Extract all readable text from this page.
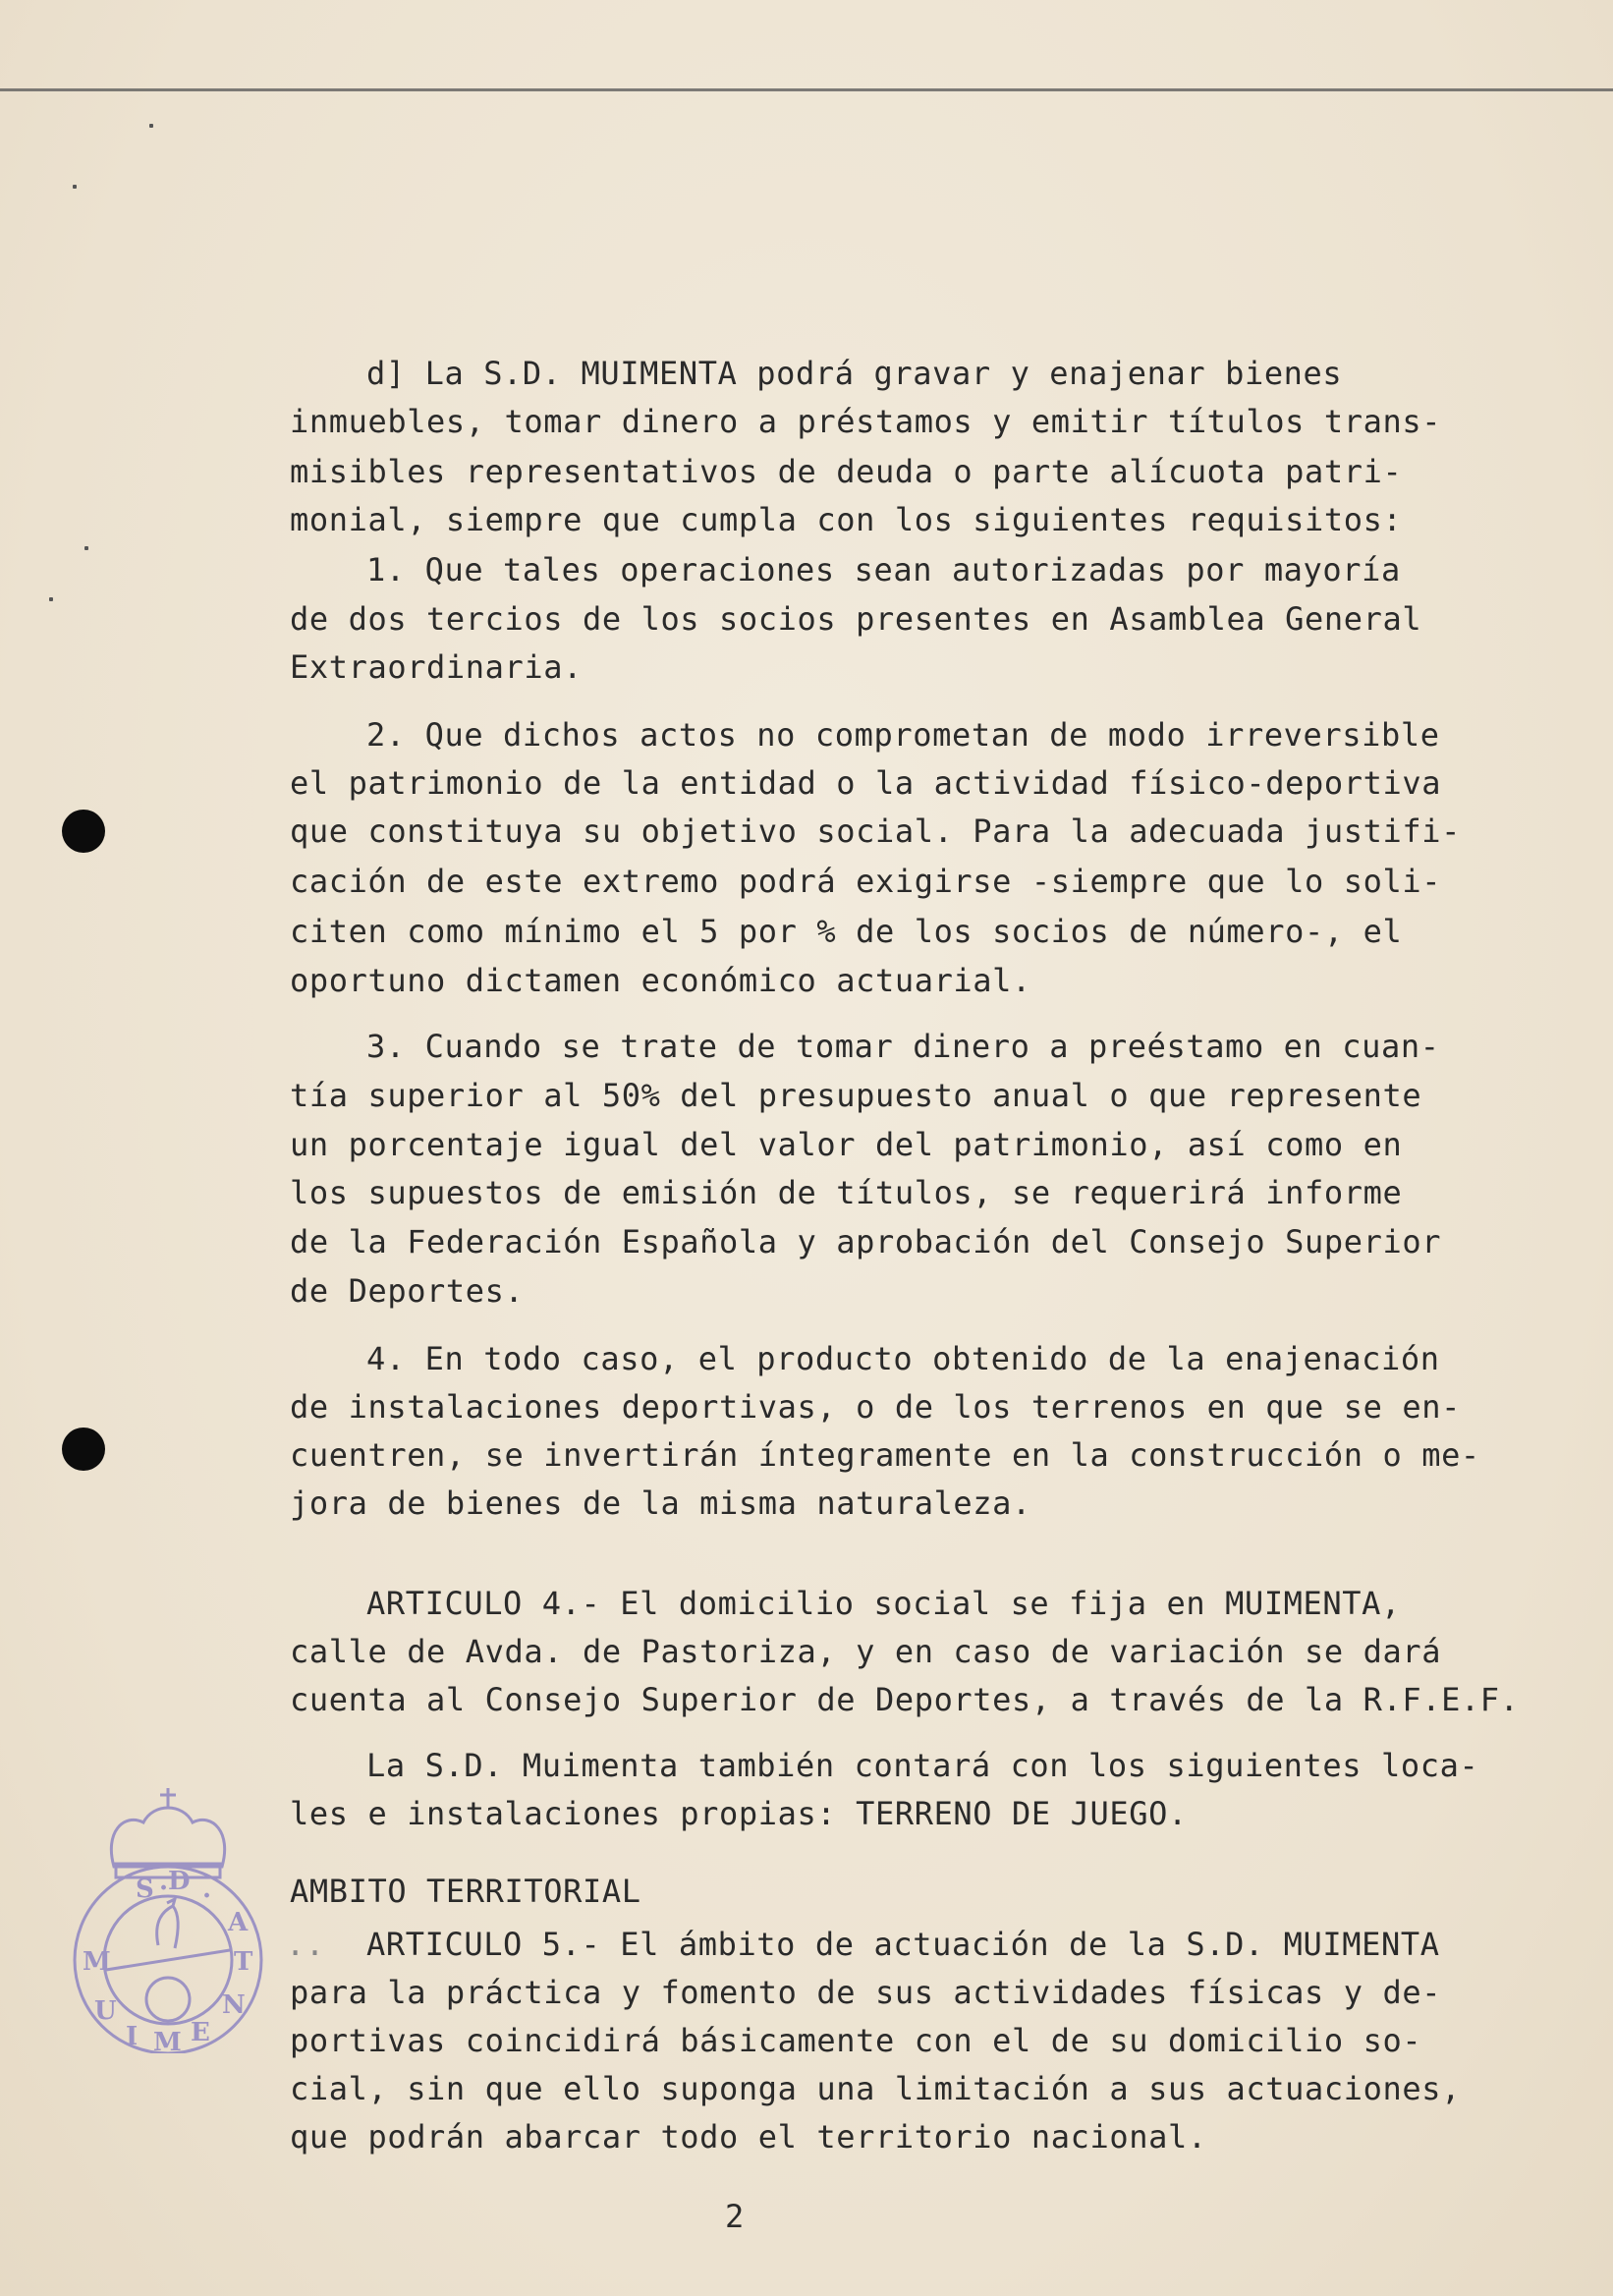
d] La S.D. MUIMENTA podrá gravar y enajenar bienes
inmuebles, tomar dinero a préstamos y emitir títulos trans-
misibles representativos de deuda o parte alícuota patri-
monial, siempre que cumpla con los siguientes requisitos:
1. Que tales operaciones sean autorizadas por mayoría
de dos tercios de los socios presentes en Asamblea General
Extraordinaria.
2. Que dichos actos no comprometan de modo irreversible
el patrimonio de la entidad o la actividad físico-deportiva
que constituya su objetivo social. Para la adecuada justifi-
cación de este extremo podrá exigirse -siempre que lo soli-
citen como mínimo el 5 por % de los socios de número-, el
oportuno dictamen económico actuarial.
3. Cuando se trate de tomar dinero a preéstamo en cuan-
tía superior al 50% del presupuesto anual o que represente
un porcentaje igual del valor del patrimonio, así como en
los supuestos de emisión de títulos, se requerirá informe
de la Federación Española y aprobación del Consejo Superior
de Deportes.
4. En todo caso, el producto obtenido de la enajenación
de instalaciones deportivas, o de los terrenos en que se en-
cuentren, se invertirán íntegramente en la construcción o me-
jora de bienes de la misma naturaleza.
ARTICULO 4.- El domicilio social se fija en MUIMENTA,
calle de Avda. de Pastoriza, y en caso de variación se dará
cuenta al Consejo Superior de Deportes, a través de la R.F.E.F.
La S.D. Muimenta también contará con los siguientes loca-
les e instalaciones propias: TERRENO DE JUEGO.
AMBITO TERRITORIAL
.. ARTICULO 5.- El ámbito de actuación de la S.D. MUIMENTA
para la práctica y fomento de sus actividades físicas y de-
portivas coincidirá básicamente con el de su domicilio so-
cial, sin que ello suponga una limitación a sus actuaciones,
que podrán abarcar todo el territorio nacional.
2
S .D .
M
U
I M E
N
T
A
